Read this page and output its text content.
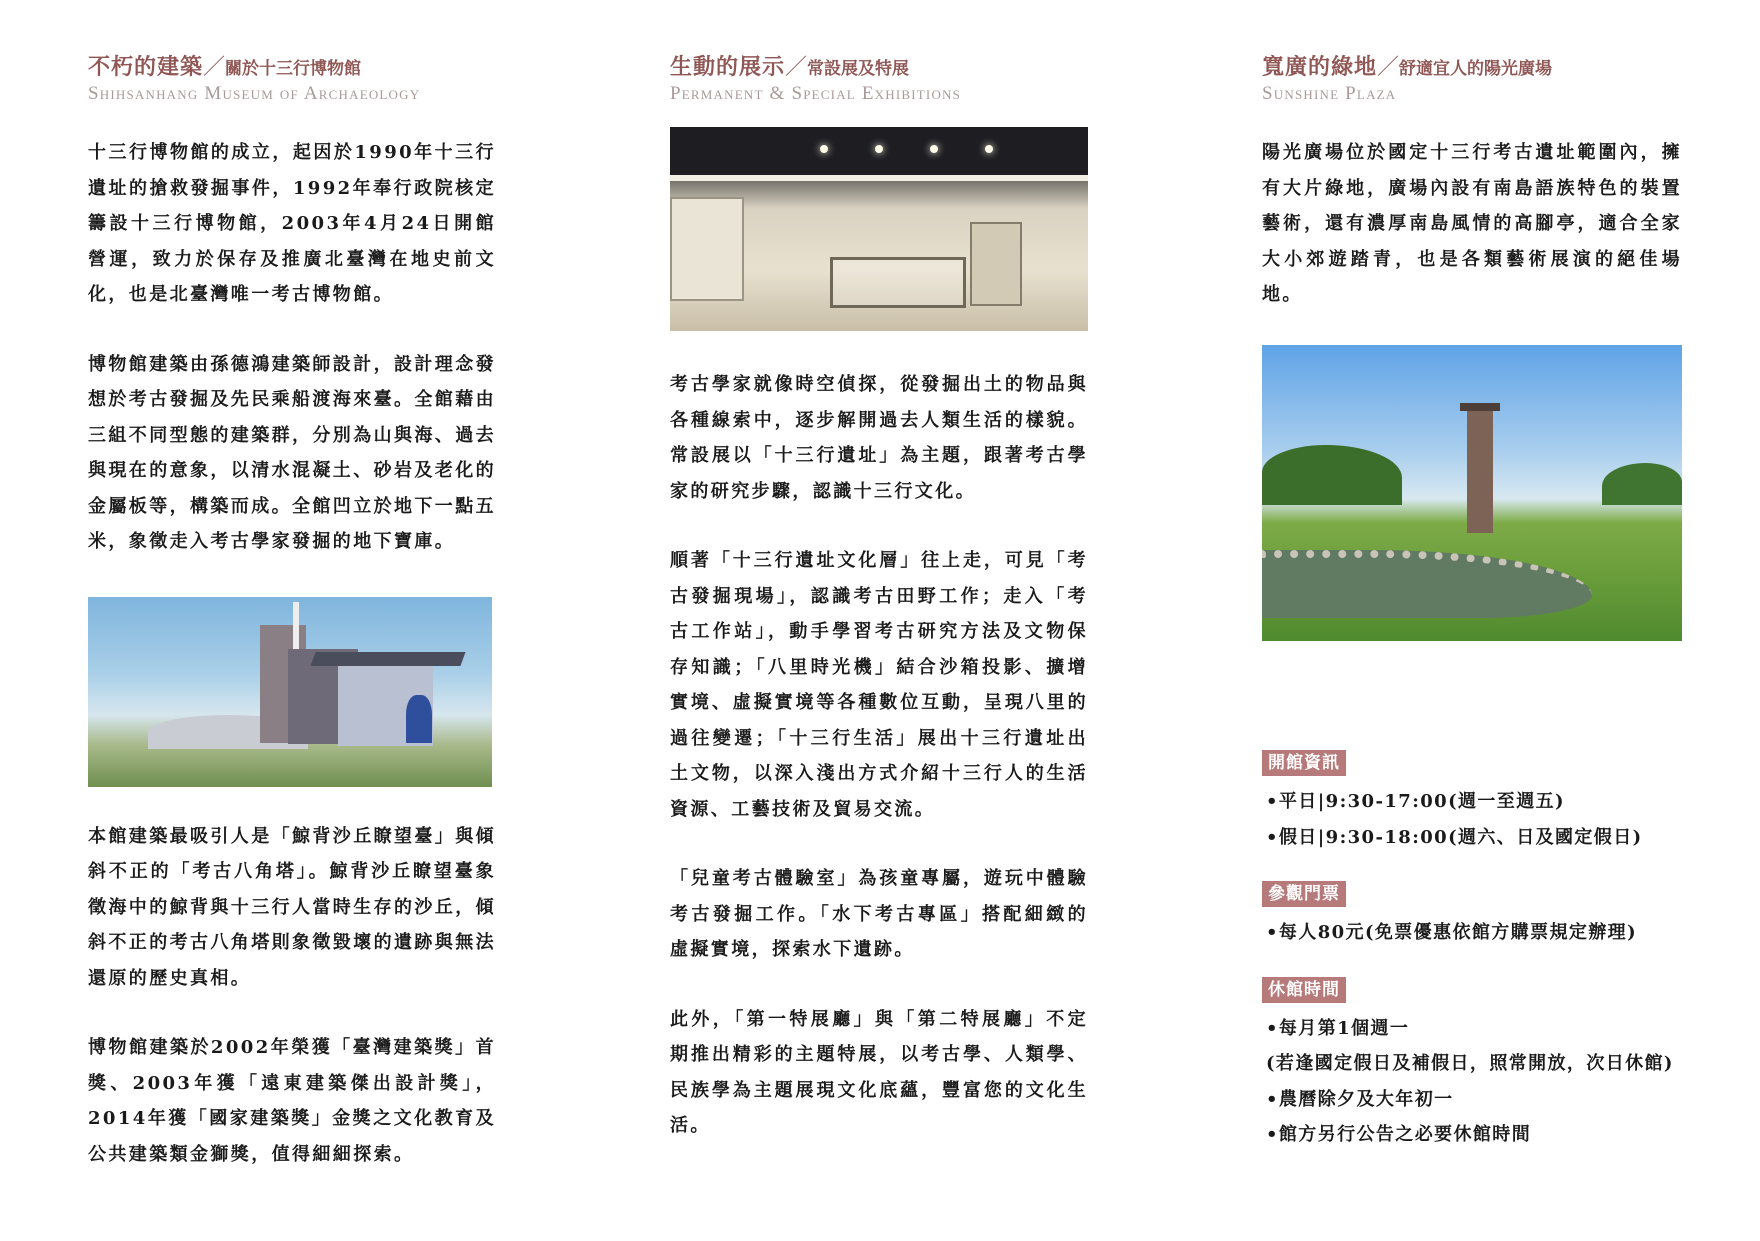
不朽的建築／關於十三行博物館
Shihsanhang Museum of Archaeology

十三行博物館的成立，起因於1990年十三行遺址的搶救發掘事件，1992年奉行政院核定籌設十三行博物館，2003年4月24日開館營運，致力於保存及推廣北臺灣在地史前文化，也是北臺灣唯一考古博物館。

博物館建築由孫德鴻建築師設計，設計理念發想於考古發掘及先民乘船渡海來臺。全館藉由三組不同型態的建築群，分別為山與海、過去與現在的意象，以清水混凝土、砂岩及老化的金屬板等，構築而成。全館凹立於地下一點五米，象徵走入考古學家發掘的地下寶庫。

本館建築最吸引人是「鯨背沙丘瞭望臺」與傾斜不正的「考古八角塔」。鯨背沙丘瞭望臺象徵海中的鯨背與十三行人當時生存的沙丘，傾斜不正的考古八角塔則象徵毀壞的遺跡與無法還原的歷史真相。

博物館建築於2002年榮獲「臺灣建築獎」首獎、2003年獲「遠東建築傑出設計獎」，2014年獲「國家建築獎」金獎之文化教育及公共建築類金獅獎，值得細細探索。

生動的展示／常設展及特展
Permanent & Special Exhibitions

考古學家就像時空偵探，從發掘出土的物品與各種線索中，逐步解開過去人類生活的樣貌。常設展以「十三行遺址」為主題，跟著考古學家的研究步驟，認識十三行文化。

順著「十三行遺址文化層」往上走，可見「考古發掘現場」，認識考古田野工作；走入「考古工作站」，動手學習考古研究方法及文物保存知識；「八里時光機」結合沙箱投影、擴增實境、虛擬實境等各種數位互動，呈現八里的過往變遷；「十三行生活」展出十三行遺址出土文物，以深入淺出方式介紹十三行人的生活資源、工藝技術及貿易交流。

「兒童考古體驗室」為孩童專屬，遊玩中體驗考古發掘工作。「水下考古專區」搭配細緻的虛擬實境，探索水下遺跡。

此外，「第一特展廳」與「第二特展廳」不定期推出精彩的主題特展，以考古學、人類學、民族學為主題展現文化底蘊，豐富您的文化生活。

寬廣的綠地／舒適宜人的陽光廣場
Sunshine Plaza

陽光廣場位於國定十三行考古遺址範圍內，擁有大片綠地，廣場內設有南島語族特色的裝置藝術，還有濃厚南島風情的高腳亭，適合全家大小郊遊踏青，也是各類藝術展演的絕佳場地。

開館資訊
•平日|9:30-17:00(週一至週五)
•假日|9:30-18:00(週六、日及國定假日)
參觀門票
•每人80元(免票優惠依館方購票規定辦理)
休館時間
•每月第1個週一
(若逢國定假日及補假日，照常開放，次日休館)
•農曆除夕及大年初一
•館方另行公告之必要休館時間
